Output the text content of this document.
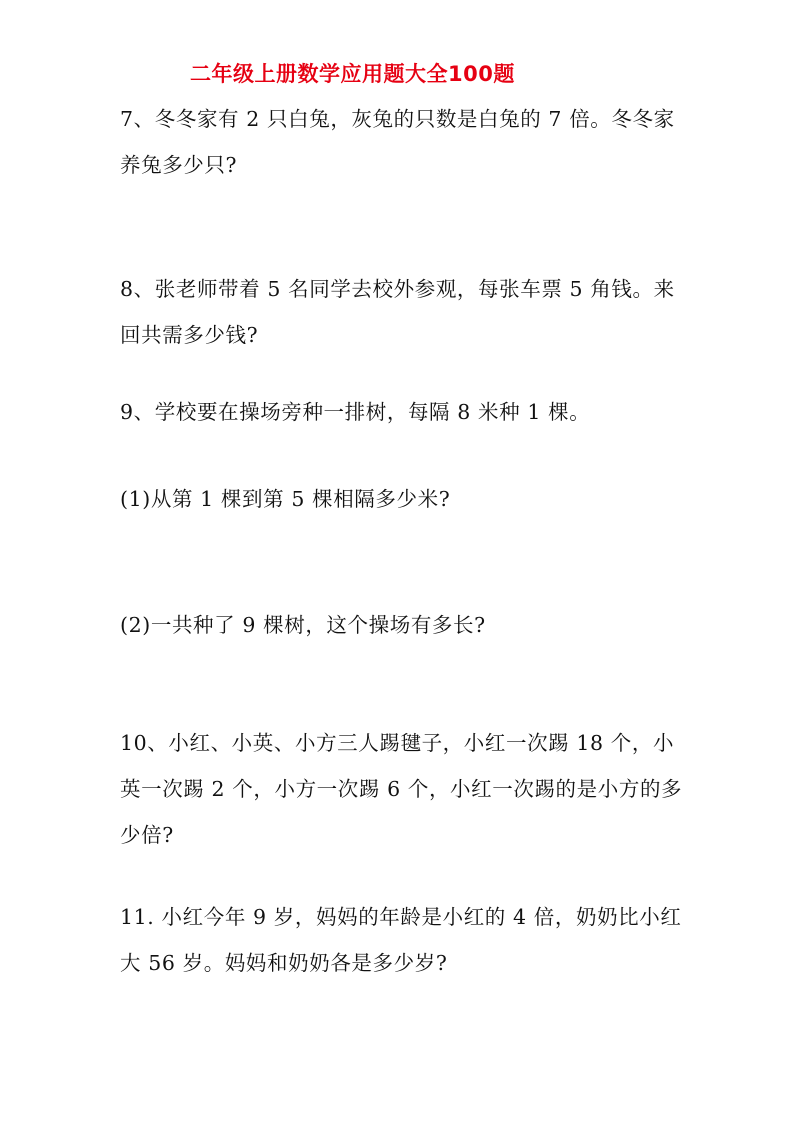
二年级上册数学应用题大全100题
7、冬冬家有 2 只白兔，灰兔的只数是白兔的 7 倍。冬冬家
养兔多少只?
8、张老师带着 5 名同学去校外参观，每张车票 5 角钱。来
回共需多少钱?
9、学校要在操场旁种一排树，每隔 8 米种 1 棵。
(1)从第 1 棵到第 5 棵相隔多少米?
(2)一共种了 9 棵树，这个操场有多长?
10、小红、小英、小方三人踢毽子，小红一次踢 18 个，小
英一次踢 2 个，小方一次踢 6 个，小红一次踢的是小方的多
少倍?
11. 小红今年 9 岁，妈妈的年龄是小红的 4 倍，奶奶比小红
大 56 岁。妈妈和奶奶各是多少岁?
